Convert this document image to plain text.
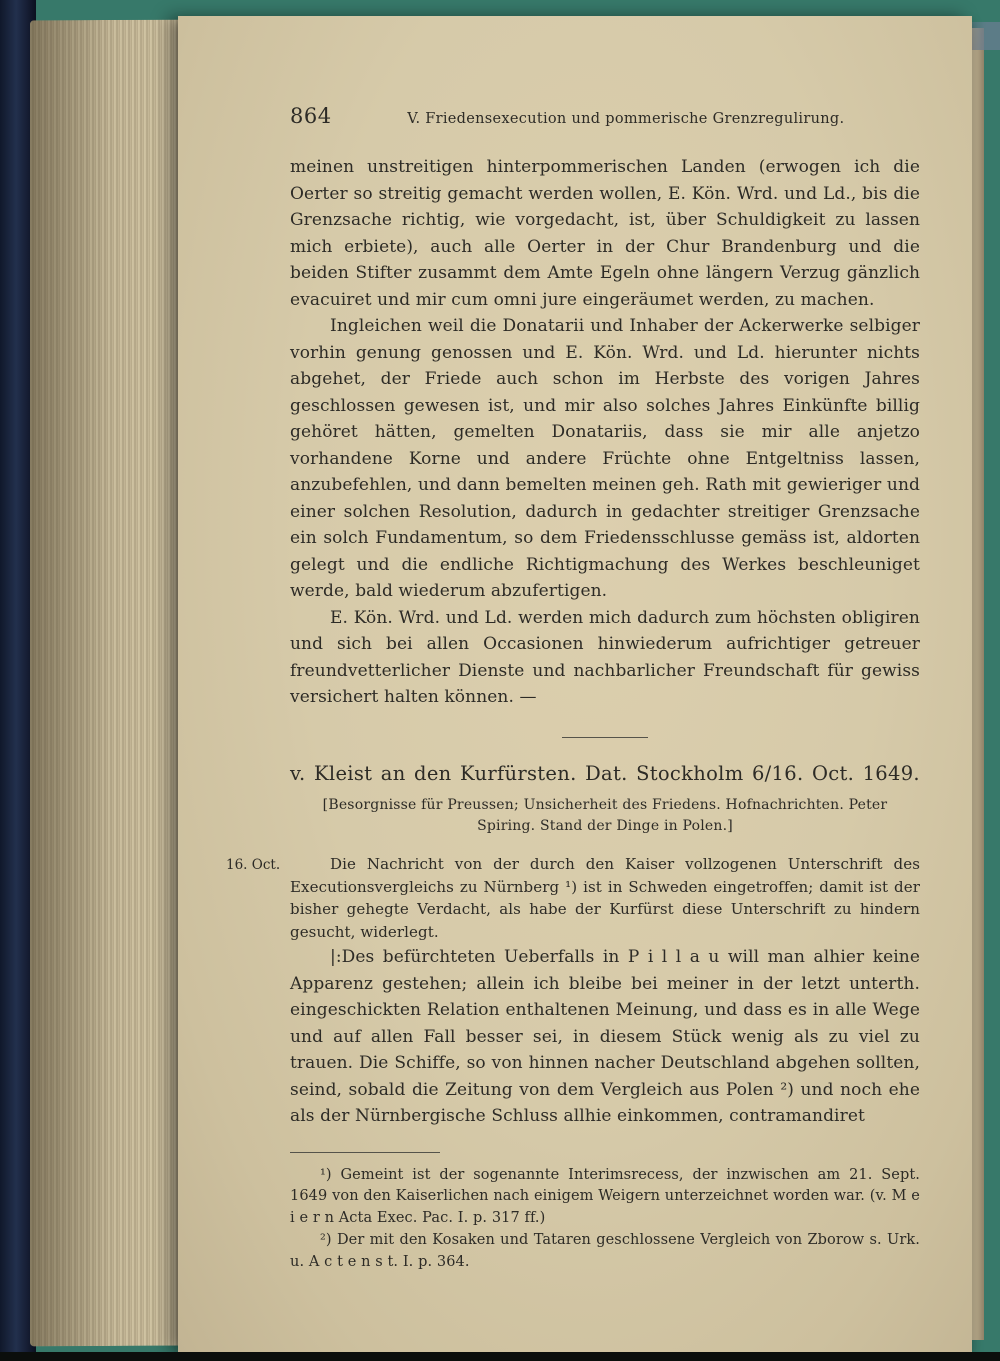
864	V. Friedensexecution und pommerische Grenzregulirung.

meinen unstreitigen hinterpommerischen Landen (erwogen ich die Oerter so streitig gemacht werden wollen, E. Kön. Wrd. und Ld., bis die Grenzsache richtig, wie vorgedacht, ist, über Schuldigkeit zu lassen mich erbiete), auch alle Oerter in der Chur Brandenburg und die beiden Stifter zusammt dem Amte Egeln ohne längern Verzug gänzlich evacuiret und mir cum omni jure eingeräumet werden, zu machen.

Ingleichen weil die Donatarii und Inhaber der Ackerwerke selbiger vorhin genung genossen und E. Kön. Wrd. und Ld. hierunter nichts abgehet, der Friede auch schon im Herbste des vorigen Jahres geschlossen gewesen ist, und mir also solches Jahres Einkünfte billig gehöret hätten, gemelten Donatariis, dass sie mir alle anjetzo vorhandene Korne und andere Früchte ohne Entgeltniss lassen, anzubefehlen, und dann bemelten meinen geh. Rath mit gewieriger und einer solchen Resolution, dadurch in gedachter streitiger Grenzsache ein solch Fundamentum, so dem Friedensschlusse gemäss ist, aldorten gelegt und die endliche Richtigmachung des Werkes beschleuniget werde, bald wiederum abzufertigen.

E. Kön. Wrd. und Ld. werden mich dadurch zum höchsten obligiren und sich bei allen Occasionen hinwiederum aufrichtiger getreuer freundvetterlicher Dienste und nachbarlicher Freundschaft für gewiss versichert halten können. —

v. Kleist an den Kurfürsten. Dat. Stockholm 6/16. Oct. 1649.

[Besorgnisse für Preussen; Unsicherheit des Friedens. Hofnachrichten. Peter Spiring. Stand der Dinge in Polen.]

16. Oct.	Die Nachricht von der durch den Kaiser vollzogenen Unterschrift des Executionsvergleichs zu Nürnberg ¹) ist in Schweden eingetroffen; damit ist der bisher gehegte Verdacht, als habe der Kurfürst diese Unterschrift zu hindern gesucht, widerlegt.

|:Des befürchteten Ueberfalls in P i l l a u will man alhier keine Apparenz gestehen; allein ich bleibe bei meiner in der letzt unterth. eingeschickten Relation enthaltenen Meinung, und dass es in alle Wege und auf allen Fall besser sei, in diesem Stück wenig als zu viel zu trauen. Die Schiffe, so von hinnen nacher Deutschland abgehen sollten, seind, sobald die Zeitung von dem Vergleich aus Polen ²) und noch ehe als der Nürnbergische Schluss allhie einkommen, contramandiret

¹) Gemeint ist der sogenannte Interimsrecess, der inzwischen am 21. Sept. 1649 von den Kaiserlichen nach einigem Weigern unterzeichnet worden war. (v. M e i e r n Acta Exec. Pac. I. p. 317 ff.)

²) Der mit den Kosaken und Tataren geschlossene Vergleich von Zborow s. Urk. u. A c t e n s t. I. p. 364.
